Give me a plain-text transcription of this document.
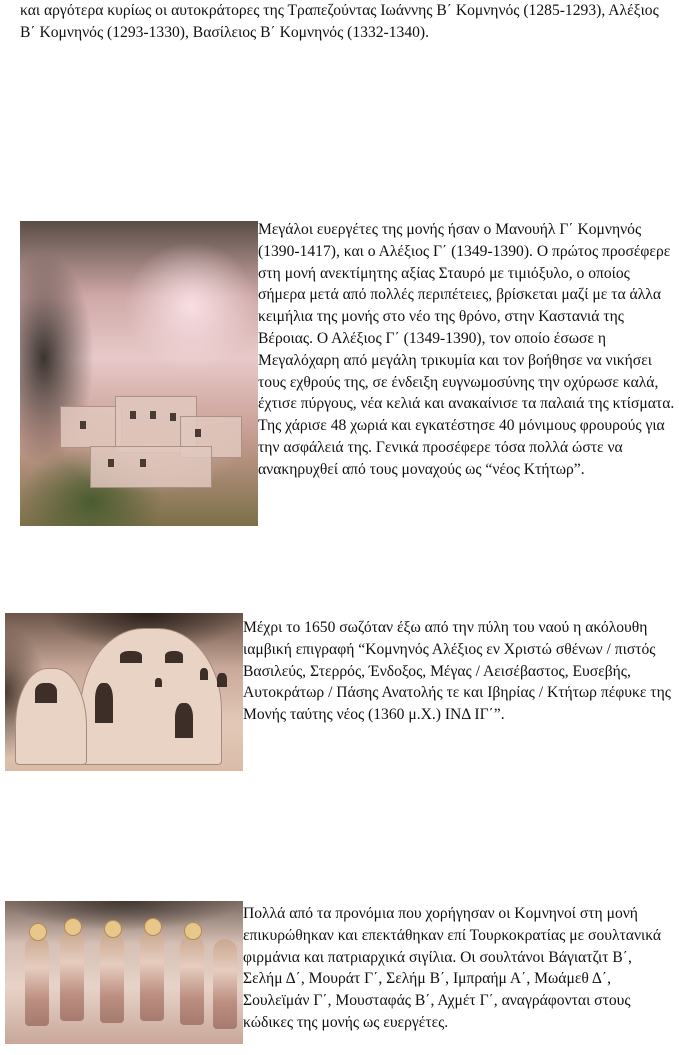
και αργότερα κυρίως οι αυτοκράτορες της Τραπεζούντας Ιωάννης Β΄ Κομνηνός (1285-1293), Αλέξιος Β΄ Κομνηνός (1293-1330), Βασίλειος Β΄ Κομνηνός (1332-1340).

Μεγάλοι ευεργέτες της μονής ήσαν ο Μανουήλ Γ΄ Κομνηνός (1390-1417), και ο Αλέξιος Γ΄ (1349-1390). Ο πρώτος προσέφερε στη μονή ανεκτίμητης αξίας Σταυρό με τιμιόξυλο, ο οποίος σήμερα μετά από πολλές περιπέτειες, βρίσκεται μαζί με τα άλλα κειμήλια της μονής στο νέο της θρόνο, στην Καστανιά της Βέροιας. Ο Αλέξιος Γ΄ (1349-1390), τον οποίο έσωσε η Μεγαλόχαρη από μεγάλη τρικυμία και τον βοήθησε να νικήσει τους εχθρούς της, σε ένδειξη ευγνωμοσύνης την οχύρωσε καλά, έχτισε πύργους, νέα κελιά και ανακαίνισε τα παλαιά της κτίσματα. Της χάρισε 48 χωριά και εγκατέστησε 40 μόνιμους φρουρούς για την ασφάλειά της. Γενικά προσέφερε τόσα πολλά ώστε να ανακηρυχθεί από τους μοναχούς ως “νέος Κτήτωρ”.

Μέχρι το 1650 σωζόταν έξω από την πύλη του ναού η ακόλουθη ιαμβική επιγραφή “Κομνηνός Αλέξιος εν Χριστώ σθένων / πιστός Βασιλεύς, Στερρός, Ένδοξος, Μέγας / Αεισέβαστος, Ευσεβής, Αυτοκράτωρ / Πάσης Ανατολής τε και Ιβηρίας / Κτήτωρ πέφυκε της Μονής ταύτης νέος (1360 μ.Χ.) ΙΝΔ ΙΓ΄”.

Πολλά από τα προνόμια που χορήγησαν οι Κομνηνοί στη μονή επικυρώθηκαν και επεκτάθηκαν επί Τουρκοκρατίας με σουλτανικά φιρμάνια και πατριαρχικά σιγίλια. Οι σουλτάνοι Βάγιατζιτ Β΄, Σελήμ Δ΄, Μουράτ Γ΄, Σελήμ Β΄, Ιμπραήμ Α΄, Μωάμεθ Δ΄, Σουλεϊμάν Γ΄, Μουσταφάς Β΄, Αχμέτ Γ΄, αναγράφονται στους κώδικες της μονής ως ευεργέτες.
